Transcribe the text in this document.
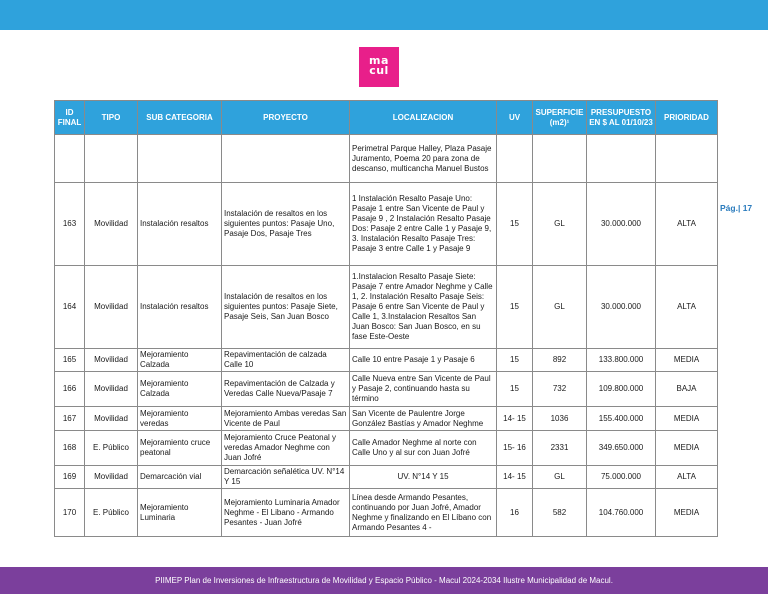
ma
cul
Pág.| 17
ID FINAL	TIPO	SUB CATEGORIA	PROYECTO	LOCALIZACION	UV	SUPERFICIE (m2)¹	PRESUPUESTO EN $ AL 01/10/23	PRIORIDAD
				Perimetral Parque Halley, Plaza Pasaje Juramento, Poema 20 para zona de descanso, multicancha Manuel Bustos				
163	Movilidad	Instalación resaltos	Instalación de resaltos en los siguientes puntos: Pasaje Uno, Pasaje Dos, Pasaje Tres	1 Instalación Resalto Pasaje Uno: Pasaje 1 entre San Vicente de Paul y Pasaje 9 , 2 Instalación Resalto Pasaje Dos: Pasaje 2 entre Calle 1 y Pasaje 9, 3. Instalación Resalto Pasaje Tres: Pasaje 3 entre Calle 1 y Pasaje 9	15	GL	30.000.000	ALTA
164	Movilidad	Instalación resaltos	Instalación de resaltos en los siguientes puntos: Pasaje Siete, Pasaje Seis, San Juan Bosco	1.Instalacion Resalto Pasaje Siete: Pasaje 7 entre Amador Neghme y Calle 1, 2. Instalación Resalto Pasaje Seis: Pasaje 6 entre San Vicente de Paul y Calle 1, 3.Instalacion Resaltos San Juan Bosco: San Juan Bosco, en su fase Este-Oeste	15	GL	30.000.000	ALTA
165	Movilidad	Mejoramiento Calzada	Repavimentación de calzada Calle 10	Calle 10 entre Pasaje 1 y Pasaje 6	15	892	133.800.000	MEDIA
166	Movilidad	Mejoramiento Calzada	Repavimentación de Calzada y Veredas Calle Nueva/Pasaje 7	Calle Nueva entre San Vicente de Paul y Pasaje 2, continuando hasta su término	15	732	109.800.000	BAJA
167	Movilidad	Mejoramiento veredas	Mejoramiento Ambas veredas San Vicente de Paul	San Vicente de Paulentre Jorge González Bastías y Amador Neghme	14- 15	1036	155.400.000	MEDIA
168	E. Público	Mejoramiento cruce peatonal	Mejoramiento Cruce Peatonal y veredas Amador Neghme con Juan Jofré	Calle Amador Neghme al norte con Calle Uno y al sur con Juan Jofré	15- 16	2331	349.650.000	MEDIA
169	Movilidad	Demarcación vial	Demarcación señalética UV. N°14 Y 15	UV. N°14 Y 15	14- 15	GL	75.000.000	ALTA
170	E. Público	Mejoramiento Luminaria	Mejoramiento Luminaria Amador Neghme - El Libano - Armando Pesantes - Juan Jofré	Línea desde Armando Pesantes, continuando por Juan Jofré, Amador Neghme y finalizando en El Líbano con Armando Pesantes 4 -	16	582	104.760.000	MEDIA
PIIMEP Plan de Inversiones de Infraestructura de Movilidad y Espacio Público - Macul 2024-2034 Ilustre Municipalidad de Macul.
